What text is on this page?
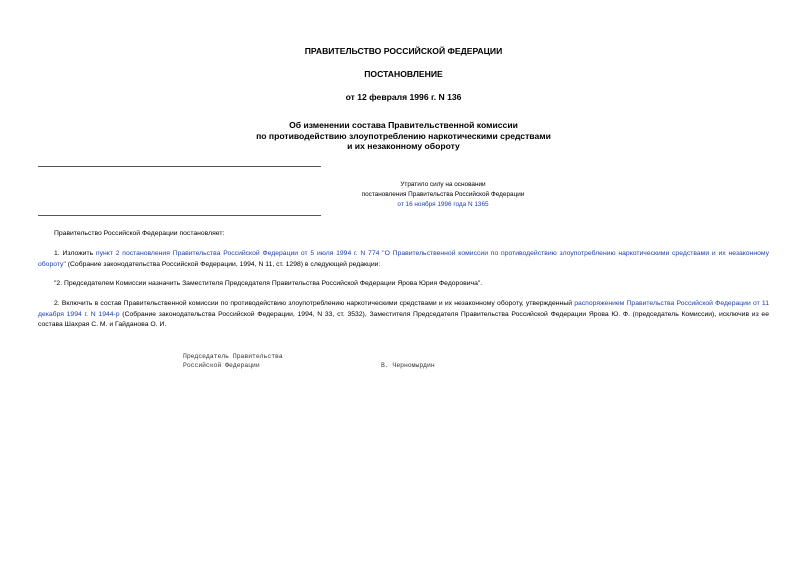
ПРАВИТЕЛЬСТВО РОССИЙСКОЙ ФЕДЕРАЦИИ
ПОСТАНОВЛЕНИЕ
от 12 февраля 1996 г. N 136
Об изменении состава Правительственной комиссии
по противодействию злоупотреблению наркотическими средствами
и их незаконному обороту
Утратило силу на основании
постановления Правительства Российской Федерации
от 16 ноября 1996 года N 1365
Правительство Российской Федерации постановляет:
1. Изложить пункт 2 постановления Правительства Российской Федерации от 5 июля 1994 г. N 774 "О Правительственной комиссии по противодействию злоупотреблению наркотическими средствами и их незаконному обороту" (Собрание законодательства Российской Федерации, 1994, N 11, ст. 1298) в следующей редакции:
"2. Председателем Комиссии назначить Заместителя Председателя Правительства Российской Федерации Ярова Юрия Федоровича".
2. Включить в состав Правительственной комиссии по противодействию злоупотреблению наркотическими средствами и их незаконному обороту, утвержденный распоряжением Правительства Российской Федерации от 11 декабря 1994 г. N 1944-р (Собрание законодательства Российской Федерации, 1994, N 33, ст. 3532), Заместителя Председателя Правительства Российской Федерации Ярова Ю. Ф. (председатель Комиссии), исключив из ее состава Шахрая С. М. и Гайданова О. И.
Председатель Правительства
Российской Федерации	В. Черномырдин
